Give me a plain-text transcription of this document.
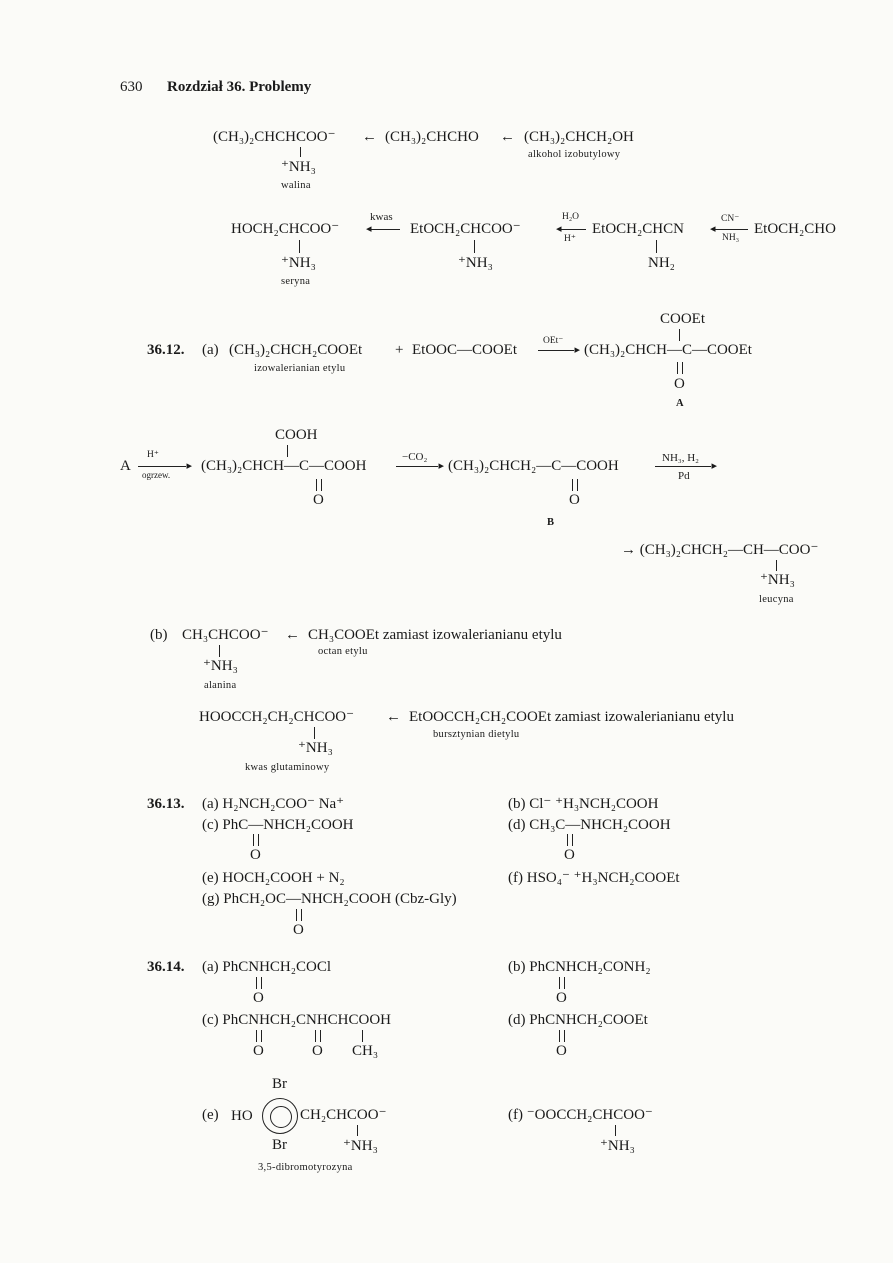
630 Rozdział 36. Problemy
(CH₃)₂CHCHCOO⁻ ← (CH₃)₂CHCHO ← (CH₃)₂CHCH₂OH
alkohol izobutylowy
⁺NH₃
walina
HOCH₂CHCOO⁻
kwas
◂	EtOCH₂CHCOO⁻
H₂O
◂
H⁺
EtOCH₂CHCN
CN⁻
◂
NH₃
EtOCH₂CHO
⁺NH₃	⁺NH₃	NH₂
seryna
COOEt
36.12. (a) (CH₃)₂CHCH₂COOEt + EtOOC—COOEt
OEt⁻
▸ (CH₃)₂CHCH—C—COOEt
izowalerianian etylu
O
A
COOH
A
H⁺
▸
ogrzew.
(CH₃)₂CHCH—C—COOH
−CO₂
▸ (CH₃)₂CHCH₂—C—COOH	NH₃, H₂
▸
Pd
O	O
B
→ (CH₃)₂CHCH₂—CH—COO⁻
⁺NH₃
leucyna
(b) CH₃CHCOO⁻ ← CH₃COOEt zamiast izowalerianianu etylu
octan etylu
⁺NH₃
alanina
HOOCCH₂CH₂CHCOO⁻ ← EtOOCCH₂CH₂COOEt zamiast izowalerianianu etylu
bursztynian dietylu
⁺NH₃
kwas glutaminowy
36.13. (a) H₂NCH₂COO⁻ Na⁺	(b) Cl⁻ ⁺H₃NCH₂COOH
(c) PhC—NHCH₂COOH	(d) CH₃C—NHCH₂COOH
O	O
(e) HOCH₂COOH + N₂	(f) HSO₄⁻ ⁺H₃NCH₂COOEt
(g) PhCH₂OC—NHCH₂COOH (Cbz-Gly)
O
36.14. (a) PhCNHCH₂COCl	(b) PhCNHCH₂CONH₂
O	O
(c) PhCNHCH₂CNHCHCOOH	(d) PhCNHCH₂COOEt
O	O CH₃	O
Br
(e) HO	CH₂CHCOO⁻
Br	⁺NH₃
3,5-dibromotyrozyna
(f) ⁻OOCCH₂CHCOO⁻
⁺NH₃
